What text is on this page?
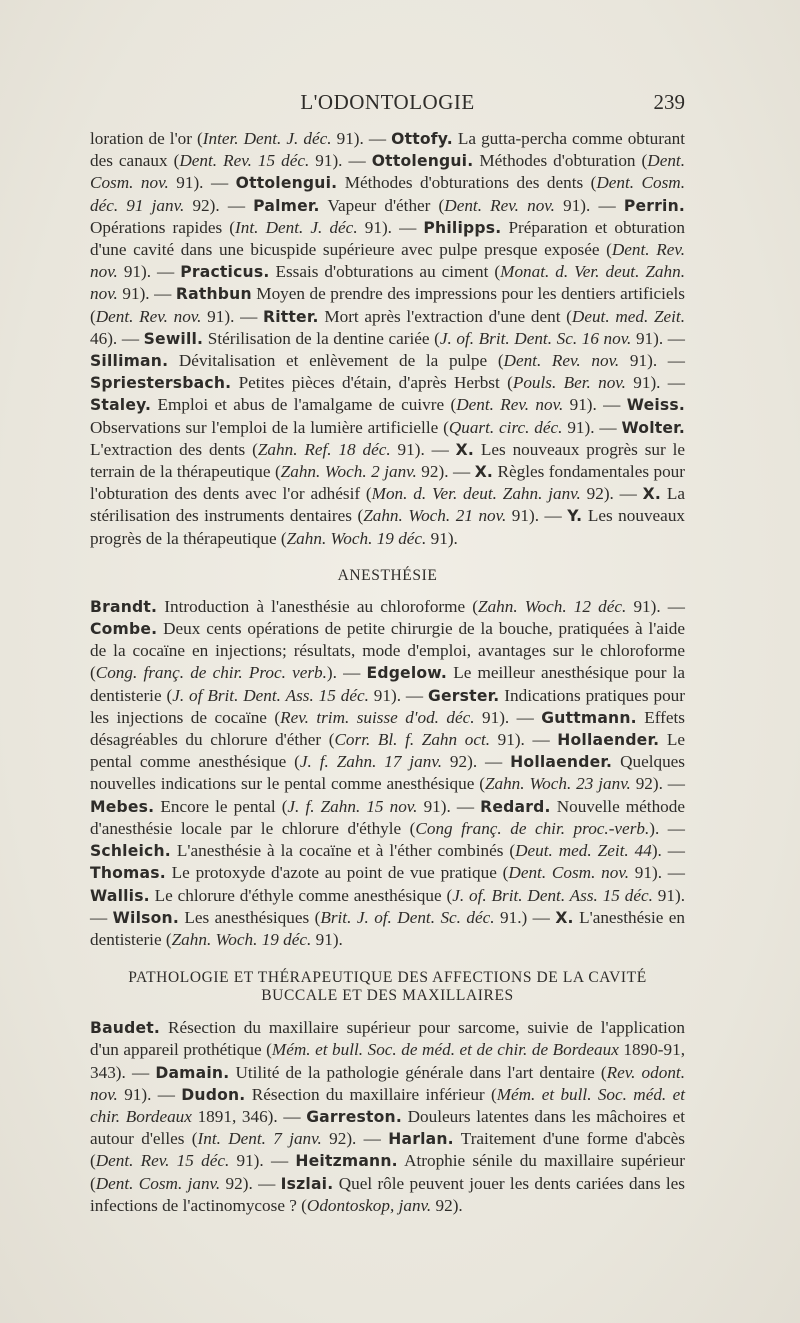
L'ODONTOLOGIE	239

loration de l'or (Inter. Dent. J. déc. 91). — Ottofy. La gutta-percha comme obturant des canaux (Dent. Rev. 15 déc. 91). — Ottolengui. Méthodes d'obturation (Dent. Cosm. nov. 91). — Ottolengui. Méthodes d'obturations des dents (Dent. Cosm. déc. 91 janv. 92). — Palmer. Vapeur d'éther (Dent. Rev. nov. 91). — Perrin. Opérations rapides (Int. Dent. J. déc. 91). — Philipps. Préparation et obturation d'une cavité dans une bicuspide supérieure avec pulpe presque exposée (Dent. Rev. nov. 91). — Practicus. Essais d'obturations au ciment (Monat. d. Ver. deut. Zahn. nov. 91). — Rathbun Moyen de prendre des impressions pour les dentiers artificiels (Dent. Rev. nov. 91). — Ritter. Mort après l'extraction d'une dent (Deut. med. Zeit. 46). — Sewill. Stérilisation de la dentine cariée (J. of. Brit. Dent. Sc. 16 nov. 91). — Silliman. Dévitalisation et enlèvement de la pulpe (Dent. Rev. nov. 91). — Spriestersbach. Petites pièces d'étain, d'après Herbst (Pouls. Ber. nov. 91). — Staley. Emploi et abus de l'amalgame de cuivre (Dent. Rev. nov. 91). — Weiss. Observations sur l'emploi de la lumière artificielle (Quart. circ. déc. 91). — Wolter. L'extraction des dents (Zahn. Ref. 18 déc. 91). — X. Les nouveaux progrès sur le terrain de la thérapeutique (Zahn. Woch. 2 janv. 92). — X. Règles fondamentales pour l'obturation des dents avec l'or adhésif (Mon. d. Ver. deut. Zahn. janv. 92). — X. La stérilisation des instruments dentaires (Zahn. Woch. 21 nov. 91). — Y. Les nouveaux progrès de la thérapeutique (Zahn. Woch. 19 déc. 91).

ANESTHÉSIE

Brandt. Introduction à l'anesthésie au chloroforme (Zahn. Woch. 12 déc. 91). — Combe. Deux cents opérations de petite chirurgie de la bouche, pratiquées à l'aide de la cocaïne en injections; résultats, mode d'emploi, avantages sur le chloroforme (Cong. franç. de chir. Proc. verb.). — Edgelow. Le meilleur anesthésique pour la dentisterie (J. of Brit. Dent. Ass. 15 déc. 91). — Gerster. Indications pratiques pour les injections de cocaïne (Rev. trim. suisse d'od. déc. 91). — Guttmann. Effets désagréables du chlorure d'éther (Corr. Bl. f. Zahn oct. 91). — Hollaender. Le pental comme anesthésique (J. f. Zahn. 17 janv. 92). — Hollaender. Quelques nouvelles indications sur le pental comme anesthésique (Zahn. Woch. 23 janv. 92). — Mebes. Encore le pental (J. f. Zahn. 15 nov. 91). — Redard. Nouvelle méthode d'anesthésie locale par le chlorure d'éthyle (Cong franç. de chir. proc.-verb.). — Schleich. L'anesthésie à la cocaïne et à l'éther combinés (Deut. med. Zeit. 44). — Thomas. Le protoxyde d'azote au point de vue pratique (Dent. Cosm. nov. 91). — Wallis. Le chlorure d'éthyle comme anesthésique (J. of. Brit. Dent. Ass. 15 déc. 91). — Wilson. Les anesthésiques (Brit. J. of. Dent. Sc. déc. 91.) — X. L'anesthésie en dentisterie (Zahn. Woch. 19 déc. 91).

PATHOLOGIE ET THÉRAPEUTIQUE DES AFFECTIONS DE LA CAVITÉ
BUCCALE ET DES MAXILLAIRES

Baudet. Résection du maxillaire supérieur pour sarcome, suivie de l'application d'un appareil prothétique (Mém. et bull. Soc. de méd. et de chir. de Bordeaux 1890-91, 343). — Damain. Utilité de la pathologie générale dans l'art dentaire (Rev. odont. nov. 91). — Dudon. Résection du maxillaire inférieur (Mém. et bull. Soc. méd. et chir. Bordeaux 1891, 346). — Garreston. Douleurs latentes dans les mâchoires et autour d'elles (Int. Dent. 7 janv. 92). — Harlan. Traitement d'une forme d'abcès (Dent. Rev. 15 déc. 91). — Heitzmann. Atrophie sénile du maxillaire supérieur (Dent. Cosm. janv. 92). — Iszlai. Quel rôle peuvent jouer les dents cariées dans les infections de l'actinomycose ? (Odontoskop, janv. 92).
